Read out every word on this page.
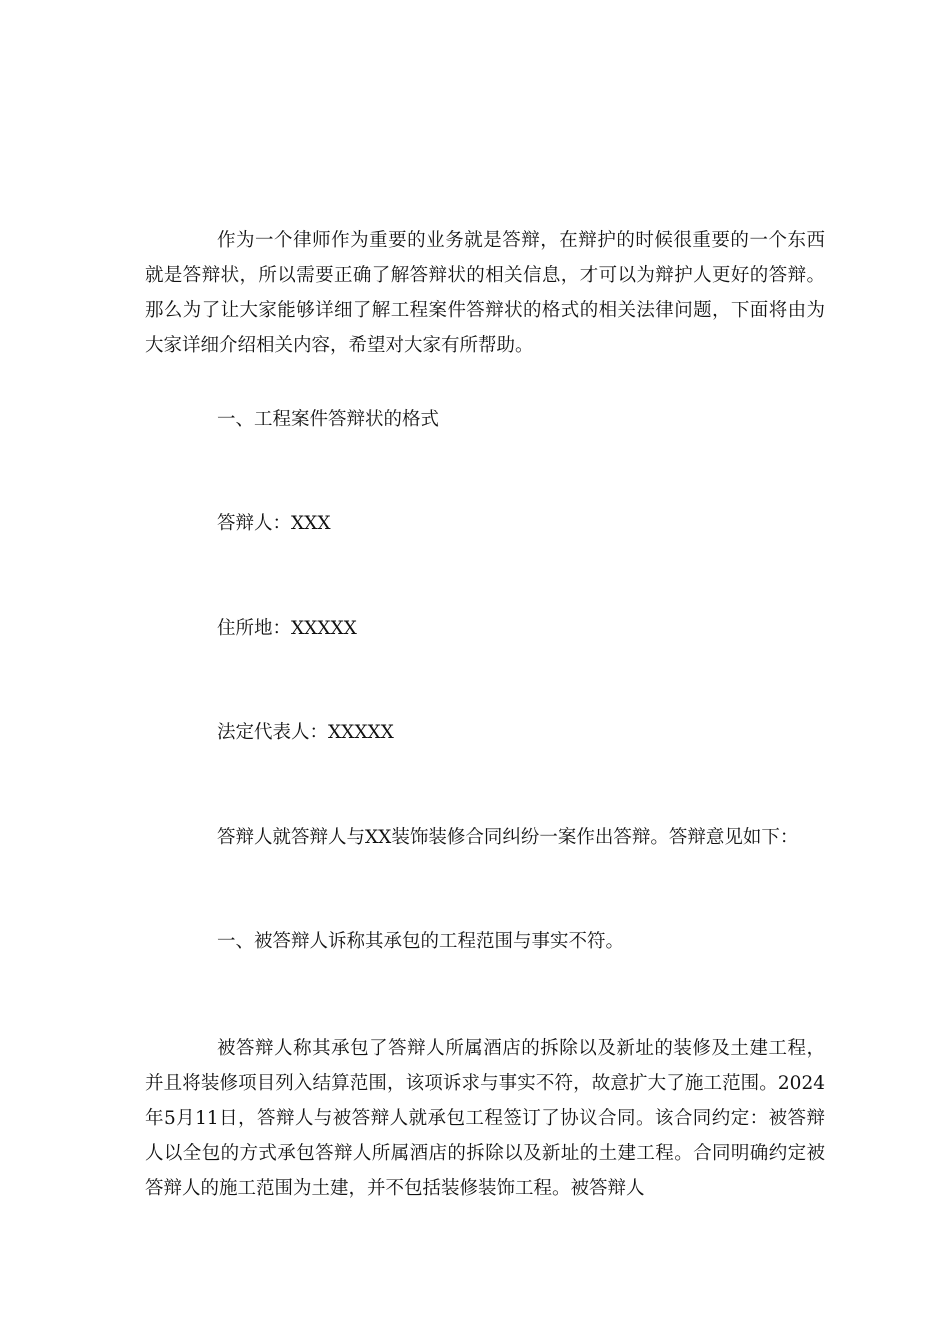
作为一个律师作为重要的业务就是答辩，在辩护的时候很重要的一个东西就是答辩状，所以需要正确了解答辩状的相关信息，才可以为辩护人更好的答辩。那么为了让大家能够详细了解工程案件答辩状的格式的相关法律问题，下面将由为大家详细介绍相关内容，希望对大家有所帮助。

一、工程案件答辩状的格式

答辩人：XXX

住所地：XXXXX

法定代表人：XXXXX

答辩人就答辩人与XX装饰装修合同纠纷一案作出答辩。答辩意见如下：

一、被答辩人诉称其承包的工程范围与事实不符。

被答辩人称其承包了答辩人所属酒店的拆除以及新址的装修及土建工程，并且将装修项目列入结算范围，该项诉求与事实不符，故意扩大了施工范围。2024年5月11日，答辩人与被答辩人就承包工程签订了协议合同。该合同约定：被答辩人以全包的方式承包答辩人所属酒店的拆除以及新址的土建工程。合同明确约定被答辩人的施工范围为土建，并不包括装修装饰工程。被答辩人
